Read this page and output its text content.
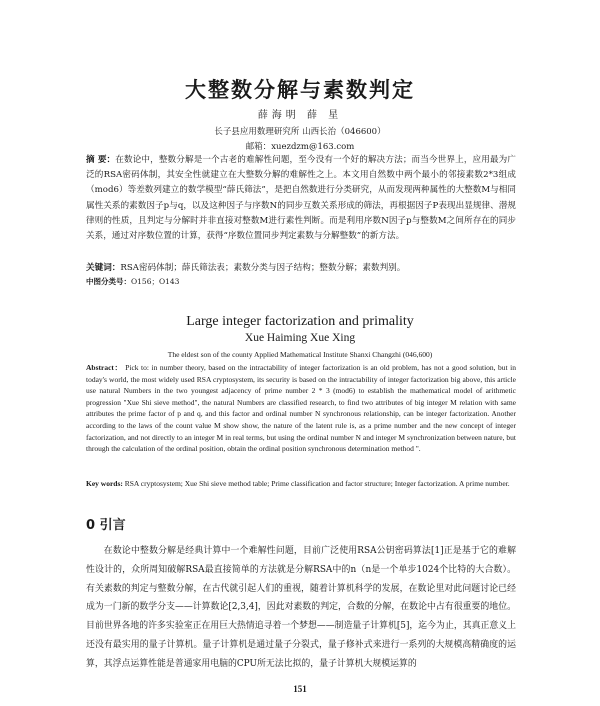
大整数分解与素数判定
薛海明 薛 星
长子县应用数理研究所 山西长治（046600）
邮箱：xuezdzm@163.com
摘 要：在数论中，整数分解是一个古老的难解性问题，至今没有一个好的解决方法；而当今世界上，应用最为广泛的RSA密码体制，其安全性就建立在大整数分解的难解性之上。本文用自然数中两个最小的邻接素数2*3组成（mod6）等差数列建立的数学模型“薛氏筛法”，是把自然数进行分类研究，从而发现两种属性的大整数M与相同属性关系的素数因子p与q，以及这种因子与序数N的同步互数关系形成的筛法，再根据因子P表现出显规律、潜规律则的性质，且判定与分解时并非直接对整数M进行素性判断。而是利用序数N因子p与整数M之间所存在的同步关系，通过对序数位置的计算，获得“序数位置同步判定素数与分解整数”的新方法。
关键词：RSA密码体制；薛氏筛法表；素数分类与因子结构；整数分解；素数判别。
中图分类号：O156；O143
Large integer factorization and primality
Xue Haiming Xue Xing
The eldest son of the county Applied Mathematical Institute Shanxi Changzhi (046,600)
Abstract： Pick to: in number theory, based on the intractability of integer factorization is an old problem, has not a good solution, but in today's world, the most widely used RSA cryptosystem, its security is based on the intractability of integer factorization big above, this article use natural Numbers in the two youngest adjacency of prime number 2 * 3 (mod6) to establish the mathematical model of arithmetic progression "Xue Shi sieve method", the natural Numbers are classified research, to find two attributes of big integer M relation with same attributes the prime factor of p and q, and this factor and ordinal number N synchronous relationship, can be integer factorization. Another according to the laws of the count value M show show, the nature of the latent rule is, as a prime number and the new concept of integer factorization, and not directly to an integer M in real terms, but using the ordinal number N and integer M synchronization between nature, but through the calculation of the ordinal position, obtain the ordinal position synchronous determination method ".
Key words: RSA cryptosystem; Xue Shi sieve method table; Prime classification and factor structure; Integer factorization. A prime number.
0 引言
在数论中整数分解是经典计算中一个难解性问题，目前广泛使用RSA公钥密码算法[1]正是基于它的难解性设计的，众所周知破解RSA最直接简单的方法就是分解RSA中的n（n是一个单步1024个比特的大合数）。有关素数的判定与整数分解，在古代就引起人们的重视，随着计算机科学的发展，在数论里对此问题讨论已经成为一门新的数学分支——计算数论[2,3,4]，因此对素数的判定，合数的分解，在数论中占有很重要的地位。目前世界各地的许多实验室正在用巨大热情追寻着一个梦想——制造量子计算机[5]，迄今为止，其真正意义上还没有最实用的量子计算机。量子计算机是通过量子分裂式，量子修补式来进行一系列的大规模高精确度的运算，其浮点运算性能是普通家用电脑的CPU所无法比拟的，量子计算机大规模运算的
151
